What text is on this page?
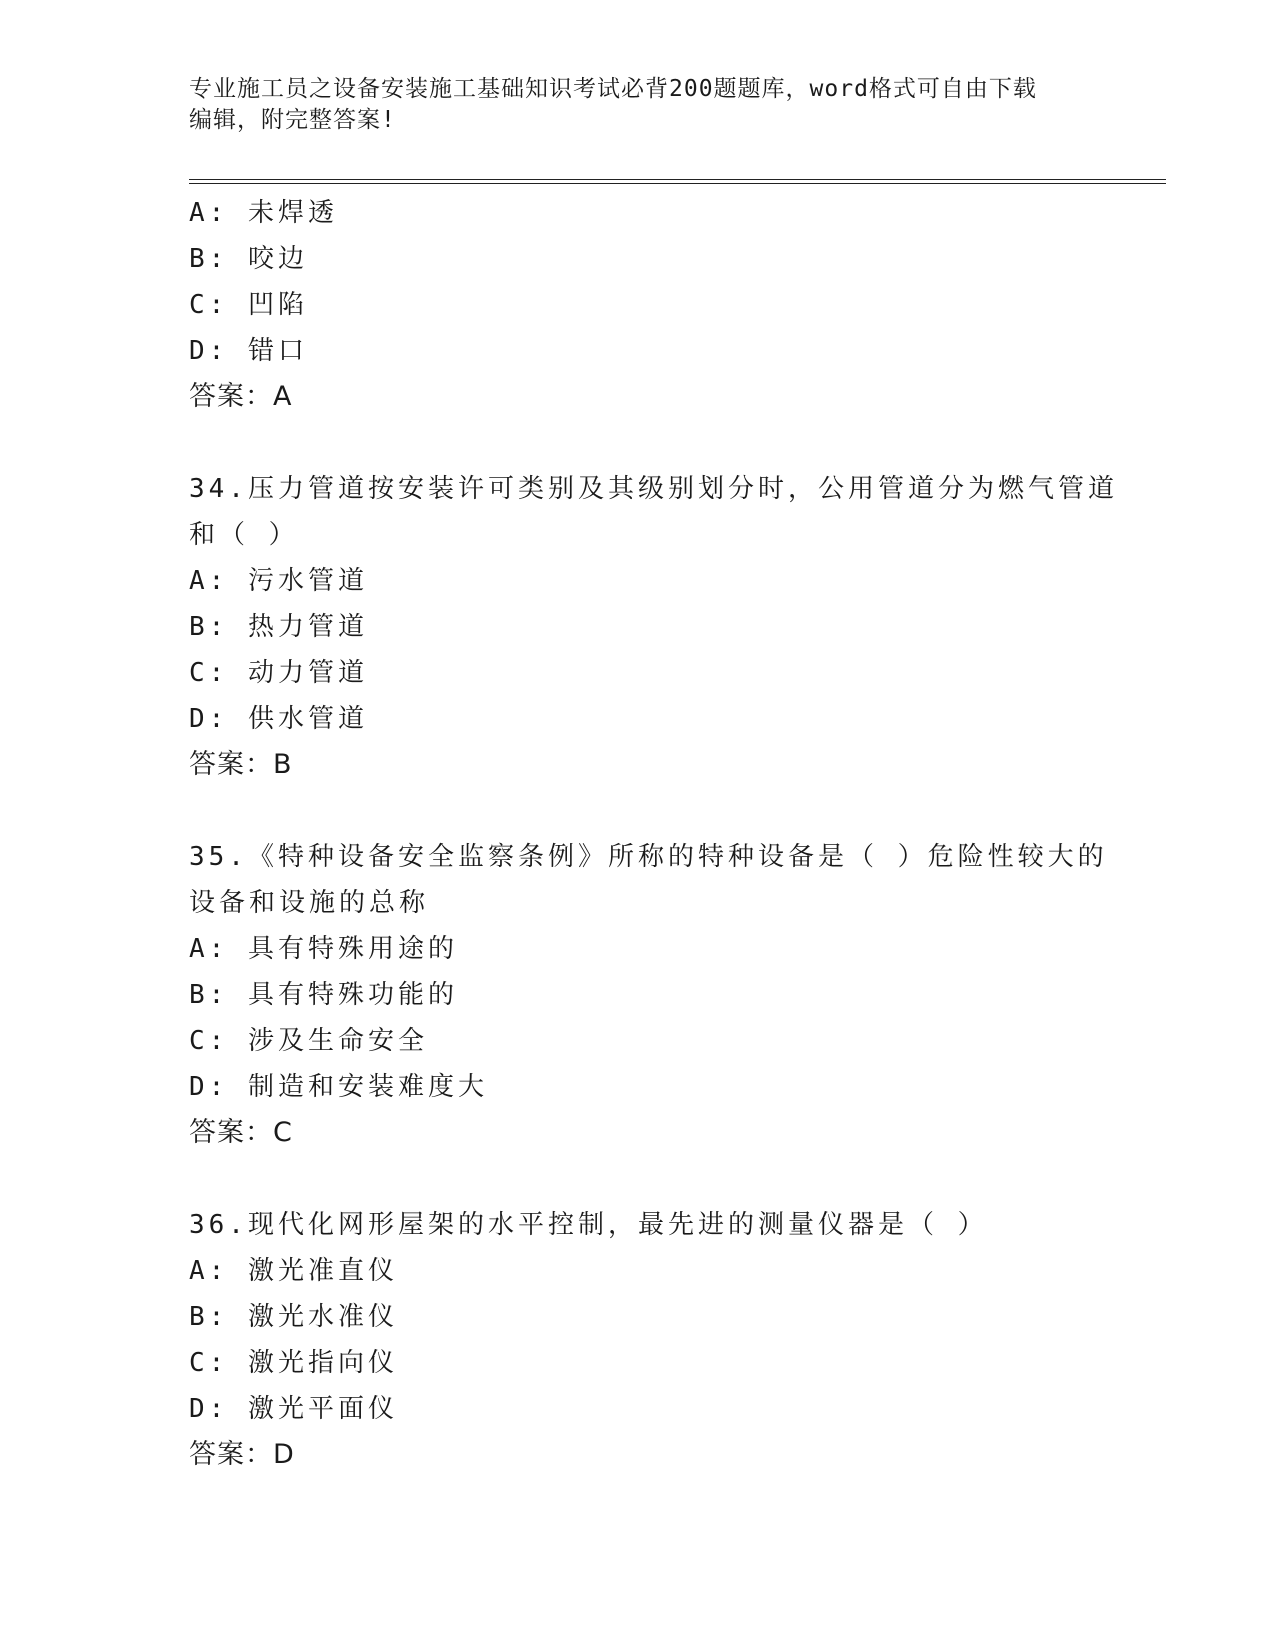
专业施工员之设备安装施工基础知识考试必背200题题库，word格式可自由下载
编辑，附完整答案!
A: 未焊透
B: 咬边
C: 凹陷
D: 错口
答案：A
34.压力管道按安装许可类别及其级别划分时，公用管道分为燃气管道
和（ ）
A: 污水管道
B: 热力管道
C: 动力管道
D: 供水管道
答案：B
35.《特种设备安全监察条例》所称的特种设备是（ ）危险性较大的
设备和设施的总称
A: 具有特殊用途的
B: 具有特殊功能的
C: 涉及生命安全
D: 制造和安装难度大
答案：C
36.现代化网形屋架的水平控制，最先进的测量仪器是（ ）
A: 激光准直仪
B: 激光水准仪
C: 激光指向仪
D: 激光平面仪
答案：D
